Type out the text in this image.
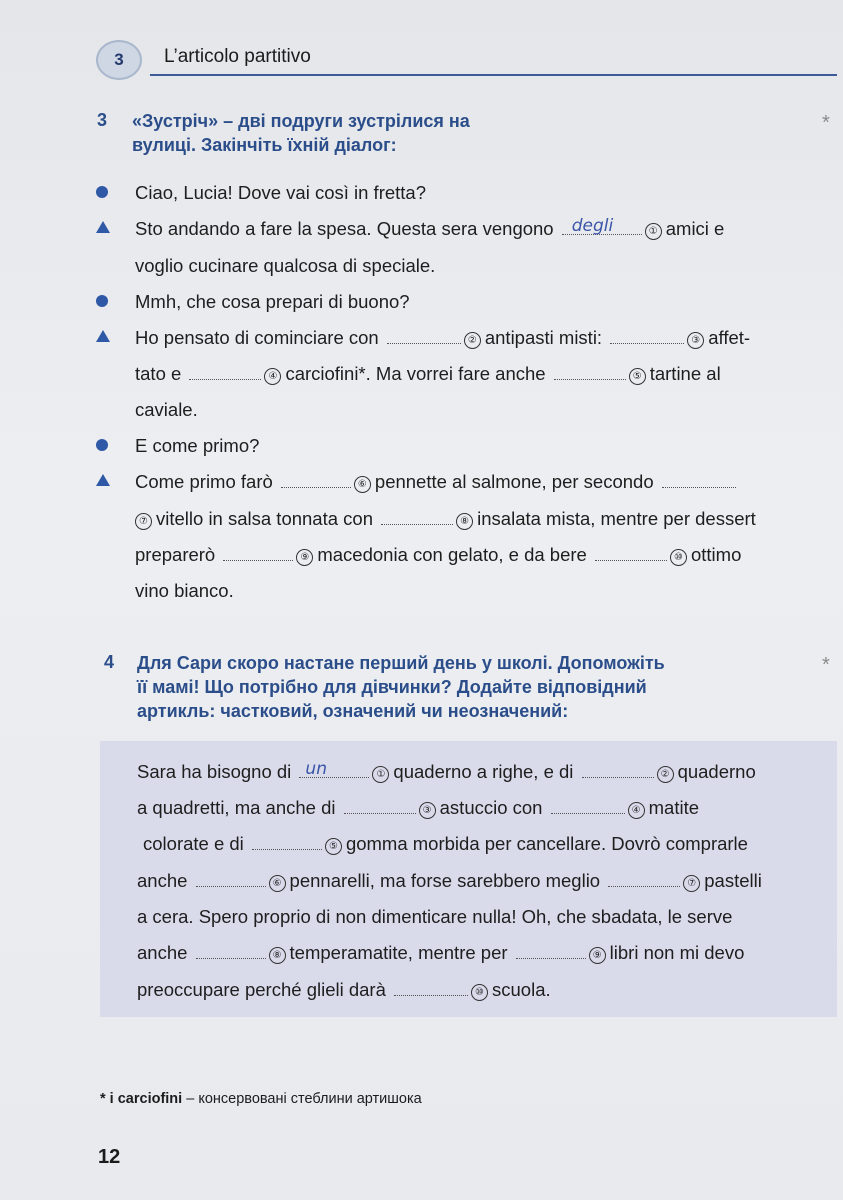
3 L’articolo partitivo
3 «Зустріч» – дві подруги зустрілися на
вулиці. Закінчіть їхній діалог:
*
Ciao, Lucia! Dove vai così in fretta?
Sto andando a fare la spesa. Questa sera vengono degli	① amici e
voglio cucinare qualcosa di speciale.
Mmh, che cosa prepari di buono?
Ho pensato di cominciare con	② antipasti misti:	③ affet-
tato e	④ carciofini*. Ma vorrei fare anche	⑤ tartine al
caviale.
E come primo?
Come primo farò	⑥ pennette al salmone, per secondo
⑦ vitello in salsa tonnata con	⑧ insalata mista, mentre per dessert
preparerò	⑨ macedonia con gelato, e da bere	⑩ ottimo
vino bianco.
4 Для Сари скоро настане перший день у школі. Допоможіть
її мамі! Що потрібно для дівчинки? Додайте відповідний
артикль: частковий, означений чи неозначений:
*
Sara ha bisogno di un	① quaderno a righe, e di	② quaderno
a quadretti, ma anche di	③ astuccio con	④ matite
colorate e di	⑤ gomma morbida per cancellare. Dovrò comprarle
anche	⑥ pennarelli, ma forse sarebbero meglio	⑦ pastelli
a cera. Spero proprio di non dimenticare nulla! Oh, che sbadata, le serve
anche	⑧ temperamatite, mentre per	⑨ libri non mi devo
preoccupare perché glieli darà	⑩ scuola.
* i carciofini – консервовані стеблини артишока
12
